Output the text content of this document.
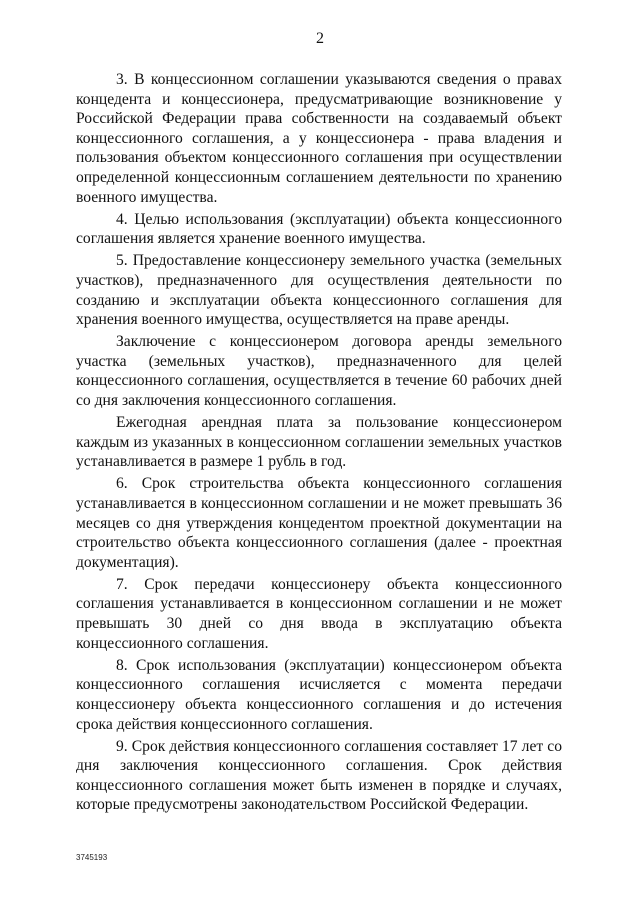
2

3. В концессионном соглашении указываются сведения о правах концедента и концессионера, предусматривающие возникновение у Российской Федерации права собственности на создаваемый объект концессионного соглашения, а у концессионера - права владения и пользования объектом концессионного соглашения при осуществлении определенной концессионным соглашением деятельности по хранению военного имущества.

4. Целью использования (эксплуатации) объекта концессионного соглашения является хранение военного имущества.

5. Предоставление концессионеру земельного участка (земельных участков), предназначенного для осуществления деятельности по созданию и эксплуатации объекта концессионного соглашения для хранения военного имущества, осуществляется на праве аренды.

Заключение с концессионером договора аренды земельного участка (земельных участков), предназначенного для целей концессионного соглашения, осуществляется в течение 60 рабочих дней со дня заключения концессионного соглашения.

Ежегодная арендная плата за пользование концессионером каждым из указанных в концессионном соглашении земельных участков устанавливается в размере 1 рубль в год.

6. Срок строительства объекта концессионного соглашения устанавливается в концессионном соглашении и не может превышать 36 месяцев со дня утверждения концедентом проектной документации на строительство объекта концессионного соглашения (далее - проектная документация).

7. Срок передачи концессионеру объекта концессионного соглашения устанавливается в концессионном соглашении и не может превышать 30 дней со дня ввода в эксплуатацию объекта концессионного соглашения.

8. Срок использования (эксплуатации) концессионером объекта концессионного соглашения исчисляется с момента передачи концессионеру объекта концессионного соглашения и до истечения срока действия концессионного соглашения.

9. Срок действия концессионного соглашения составляет 17 лет со дня заключения концессионного соглашения. Срок действия концессионного соглашения может быть изменен в порядке и случаях, которые предусмотрены законодательством Российской Федерации.

3745193
